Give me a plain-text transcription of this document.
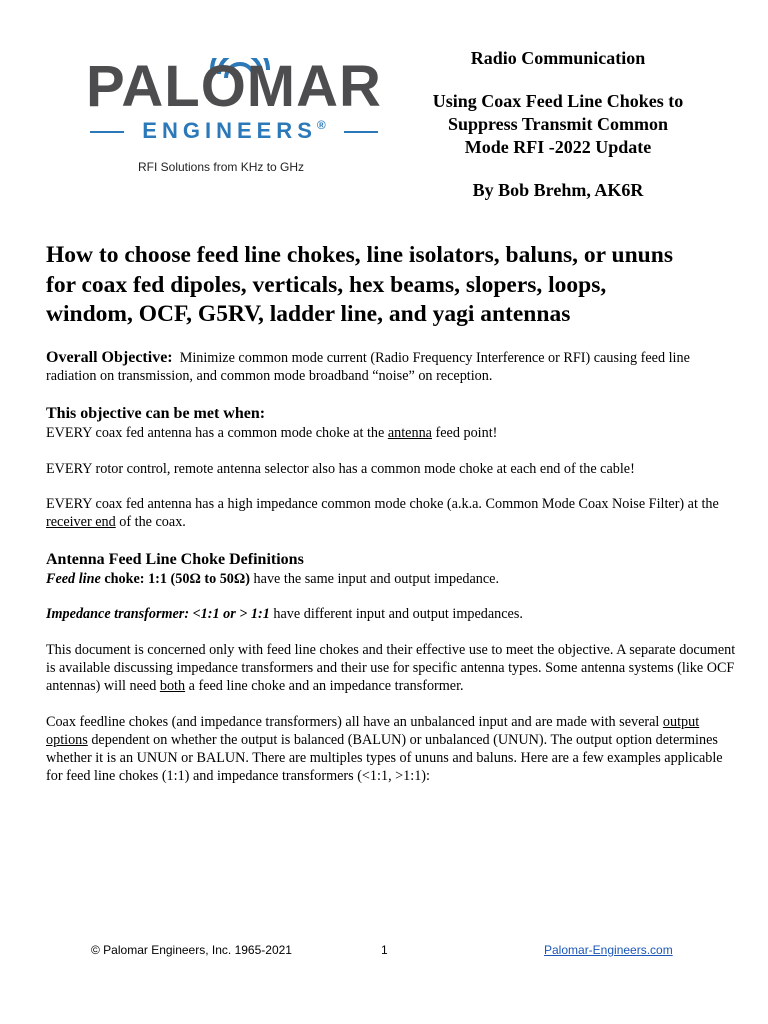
PALOMAR
ENGINEERS®
RFI Solutions from KHz to GHz
Radio Communication
Using Coax Feed Line Chokes to
Suppress Transmit Common
Mode RFI -2022 Update
By Bob Brehm, AK6R
How to choose feed line chokes, line isolators, baluns, or ununs
for coax fed dipoles, verticals, hex beams, slopers, loops,
windom, OCF, G5RV, ladder line, and yagi antennas
Overall Objective: Minimize common mode current (Radio Frequency Interference or RFI) causing feed line radiation on transmission, and common mode broadband “noise” on reception.
This objective can be met when:
EVERY coax fed antenna has a common mode choke at the antenna feed point!
EVERY rotor control, remote antenna selector also has a common mode choke at each end of the cable!
EVERY coax fed antenna has a high impedance common mode choke (a.k.a. Common Mode Coax Noise Filter) at the receiver end of the coax.
Antenna Feed Line Choke Definitions
Feed line choke: 1:1 (50Ω to 50Ω) have the same input and output impedance.
Impedance transformer: <1:1 or > 1:1 have different input and output impedances.
This document is concerned only with feed line chokes and their effective use to meet the objective. A separate document is available discussing impedance transformers and their use for specific antenna types. Some antenna systems (like OCF antennas) will need both a feed line choke and an impedance transformer.
Coax feedline chokes (and impedance transformers) all have an unbalanced input and are made with several output options dependent on whether the output is balanced (BALUN) or unbalanced (UNUN). The output option determines whether it is an UNUN or BALUN. There are multiples types of ununs and baluns. Here are a few examples applicable for feed line chokes (1:1) and impedance transformers (<1:1, >1:1):
© Palomar Engineers, Inc. 1965-2021	1	Palomar-Engineers.com
